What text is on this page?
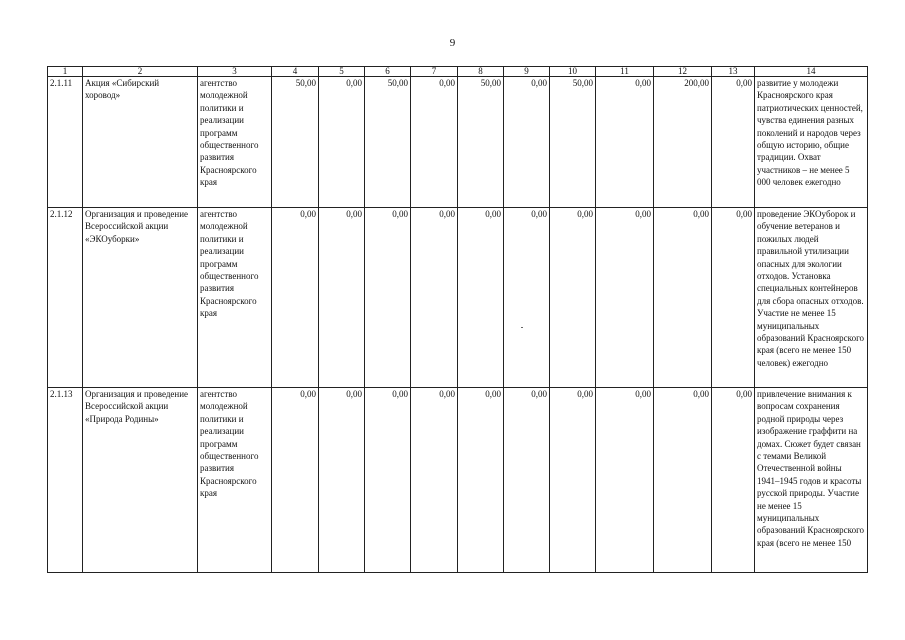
9
1	2	3	4	5	6	7	8	9	10	11	12	13	14
2.1.11	Акция «Сибирский хоровод»	агентство молодежной политики и реализации программ общественного развития Красноярского края	50,00	0,00	50,00	0,00	50,00	0,00	50,00	0,00	200,00	0,00	развитие у молодежи Красноярского края патриотических ценностей, чувства единения разных поколений и народов через общую историю, общие традиции. Охват участников – не менее 5 000 человек ежегодно
2.1.12	Организация и проведение Всероссийской акции «ЭКОуборки»	агентство молодежной политики и реализации программ общественного развития Красноярского края	0,00	0,00	0,00	0,00	0,00	0,00	0,00	0,00	0,00	0,00	проведение ЭКОуборок и обучение ветеранов и пожилых людей правильной утилизации опасных для экологии отходов. Установка специальных контейнеров для сбора опасных отходов. Участие не менее 15 муниципальных образований Красноярского края (всего не менее 150 человек) ежегодно
2.1.13	Организация и проведение Всероссийской акции «Природа Родины»	агентство молодежной политики и реализации программ общественного развития Красноярского края	0,00	0,00	0,00	0,00	0,00	0,00	0,00	0,00	0,00	0,00	привлечение внимания к вопросам сохранения родной природы через изображение граффити на домах. Сюжет будет связан с темами Великой Отечественной войны 1941–1945 годов и красоты русской природы. Участие не менее 15 муниципальных образований Красноярского края (всего не менее 150
